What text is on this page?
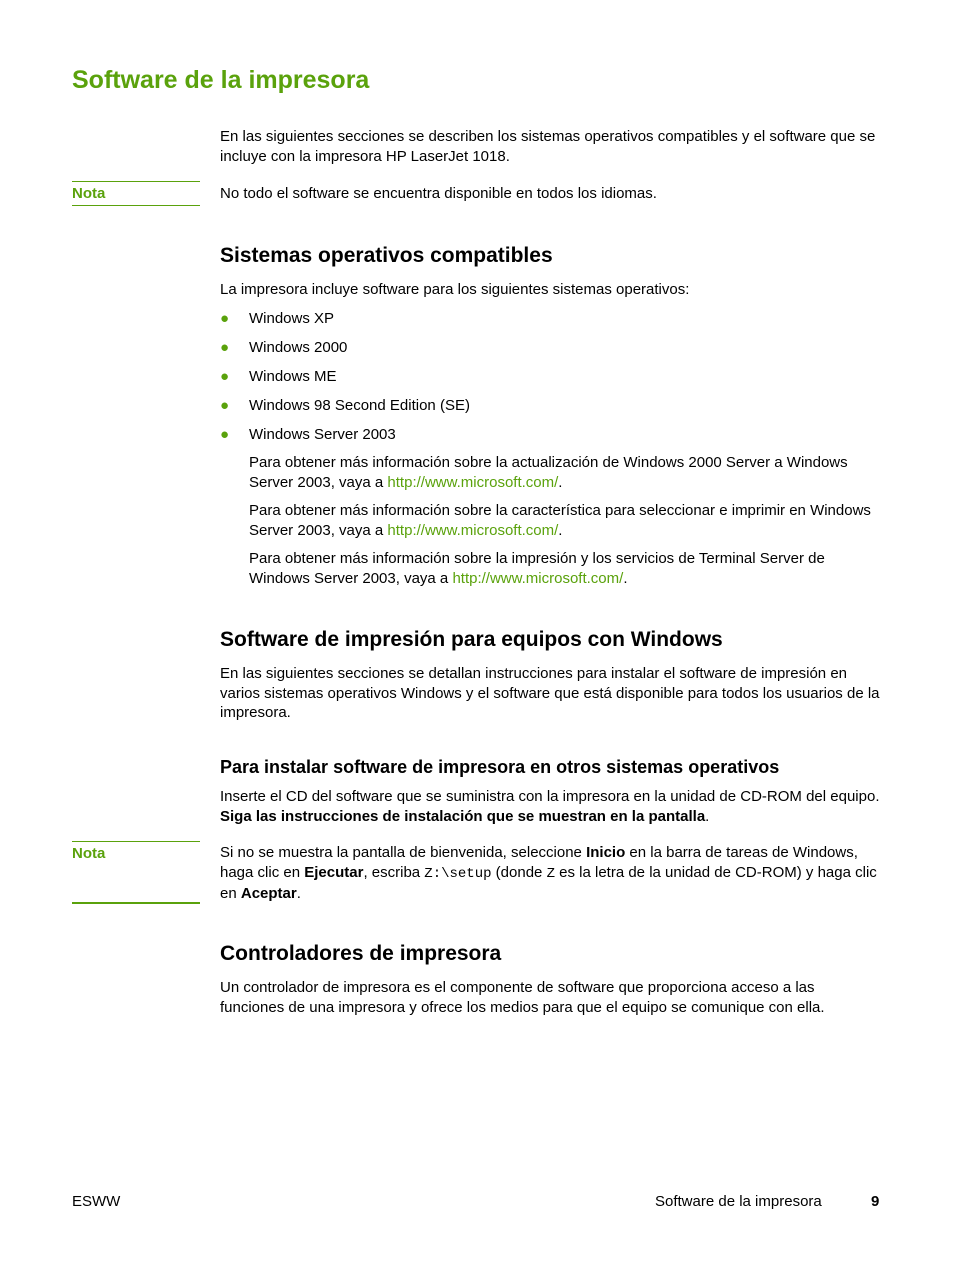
Software de la impresora

En las siguientes secciones se describen los sistemas operativos compatibles y el software que se incluye con la impresora HP LaserJet 1018.

Nota	No todo el software se encuentra disponible en todos los idiomas.

Sistemas operativos compatibles

La impresora incluye software para los siguientes sistemas operativos:

●	Windows XP
●	Windows 2000
●	Windows ME
●	Windows 98 Second Edition (SE)
●	Windows Server 2003

Para obtener más información sobre la actualización de Windows 2000 Server a Windows Server 2003, vaya a http://www.microsoft.com/.

Para obtener más información sobre la característica para seleccionar e imprimir en Windows Server 2003, vaya a http://www.microsoft.com/.

Para obtener más información sobre la impresión y los servicios de Terminal Server de Windows Server 2003, vaya a http://www.microsoft.com/.

Software de impresión para equipos con Windows

En las siguientes secciones se detallan instrucciones para instalar el software de impresión en varios sistemas operativos Windows y el software que está disponible para todos los usuarios de la impresora.

Para instalar software de impresora en otros sistemas operativos

Inserte el CD del software que se suministra con la impresora en la unidad de CD-ROM del equipo. Siga las instrucciones de instalación que se muestran en la pantalla.

Nota	Si no se muestra la pantalla de bienvenida, seleccione Inicio en la barra de tareas de Windows, haga clic en Ejecutar, escriba Z:\setup (donde Z es la letra de la unidad de CD-ROM) y haga clic en Aceptar.

Controladores de impresora

Un controlador de impresora es el componente de software que proporciona acceso a las funciones de una impresora y ofrece los medios para que el equipo se comunique con ella.

ESWW	Software de la impresora	9
